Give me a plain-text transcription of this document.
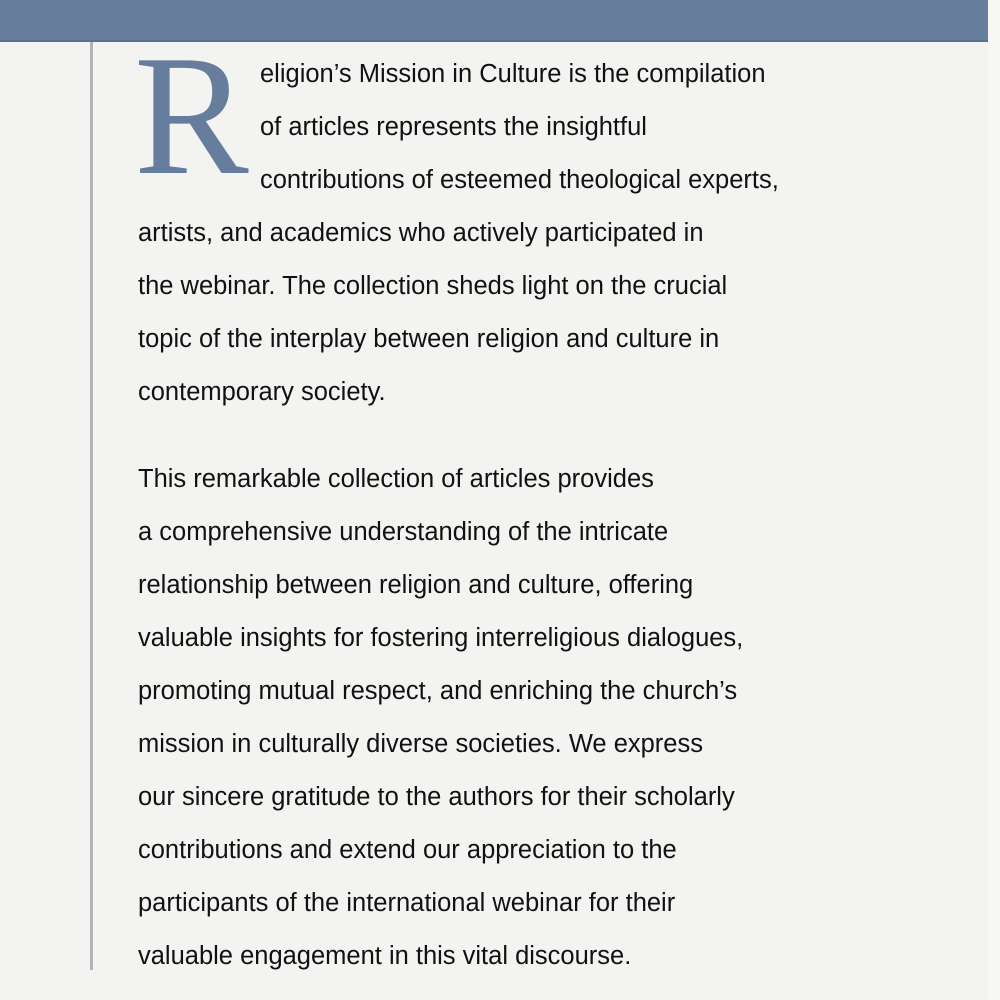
R eligion’s Mission in Culture is the compilation
of articles represents the insightful
contributions of esteemed theological experts,
artists, and academics who actively participated in
the webinar. The collection sheds light on the crucial
topic of the interplay between religion and culture in
contemporary society.

This remarkable collection of articles provides
a comprehensive understanding of the intricate
relationship between religion and culture, offering
valuable insights for fostering interreligious dialogues,
promoting mutual respect, and enriching the church’s
mission in culturally diverse societies. We express
our sincere gratitude to the authors for their scholarly
contributions and extend our appreciation to the
participants of the international webinar for their
valuable engagement in this vital discourse.
